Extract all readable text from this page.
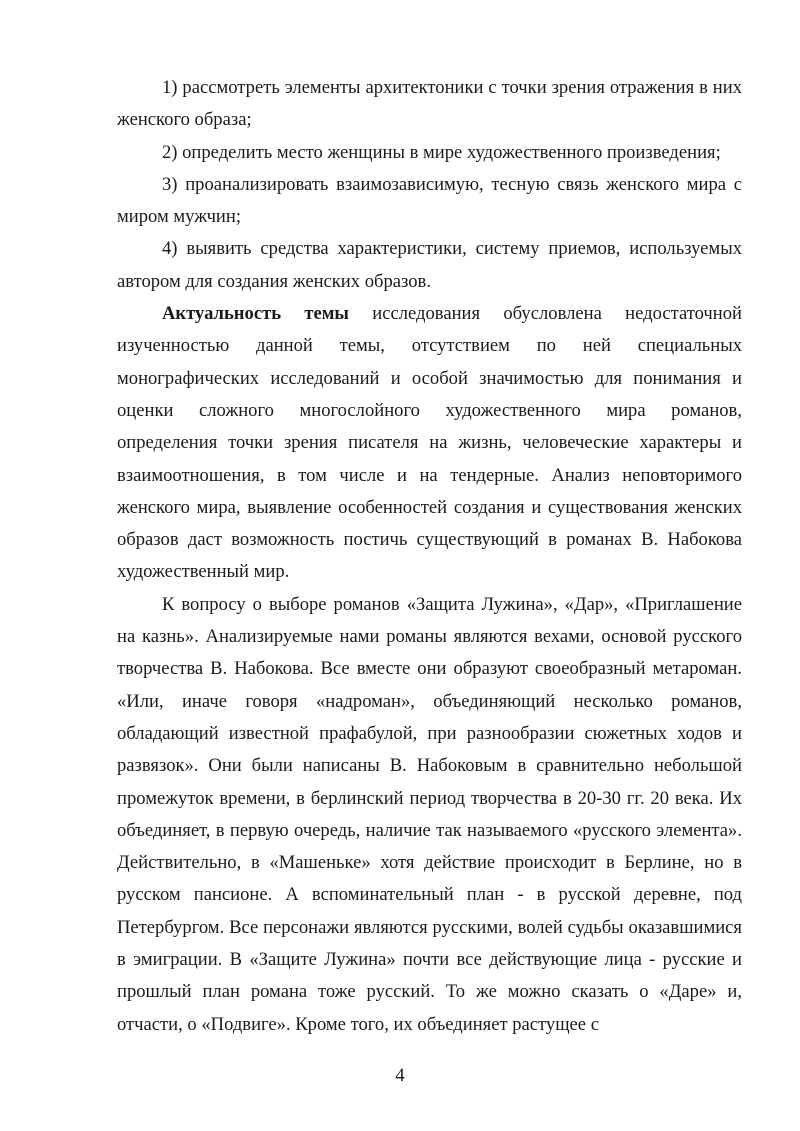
1) рассмотреть элементы архитектоники с точки зрения отражения в них женского образа;

2) определить место женщины в мире художественного произведения;

3) проанализировать взаимозависимую, тесную связь женского мира с миром мужчин;

4) выявить средства характеристики, систему приемов, используемых автором для создания женских образов.

Актуальность темы исследования обусловлена недостаточной изученностью данной темы, отсутствием по ней специальных монографических исследований и особой значимостью для понимания и оценки сложного многослойного художественного мира романов, определения точки зрения писателя на жизнь, человеческие характеры и взаимоотношения, в том числе и на тендерные. Анализ неповторимого женского мира, выявление особенностей создания и существования женских образов даст возможность постичь существующий в романах В. Набокова художественный мир.

К вопросу о выборе романов «Защита Лужина», «Дар», «Приглашение на казнь». Анализируемые нами романы являются вехами, основой русского творчества В. Набокова. Все вместе они образуют своеобразный метароман. «Или, иначе говоря «надроман», объединяющий несколько романов, обладающий известной прафабулой, при разнообразии сюжетных ходов и развязок». Они были написаны В. Набоковым в сравнительно небольшой промежуток времени, в берлинский период творчества в 20-30 гг. 20 века. Их объединяет, в первую очередь, наличие так называемого «русского элемента». Действительно, в «Машеньке» хотя действие происходит в Берлине, но в русском пансионе. А вспоминательный план - в русской деревне, под Петербургом. Все персонажи являются русскими, волей судьбы оказавшимися в эмиграции. В «Защите Лужина» почти все действующие лица - русские и прошлый план романа тоже русский. То же можно сказать о «Даре» и, отчасти, о «Подвиге». Кроме того, их объединяет растущее с

4
